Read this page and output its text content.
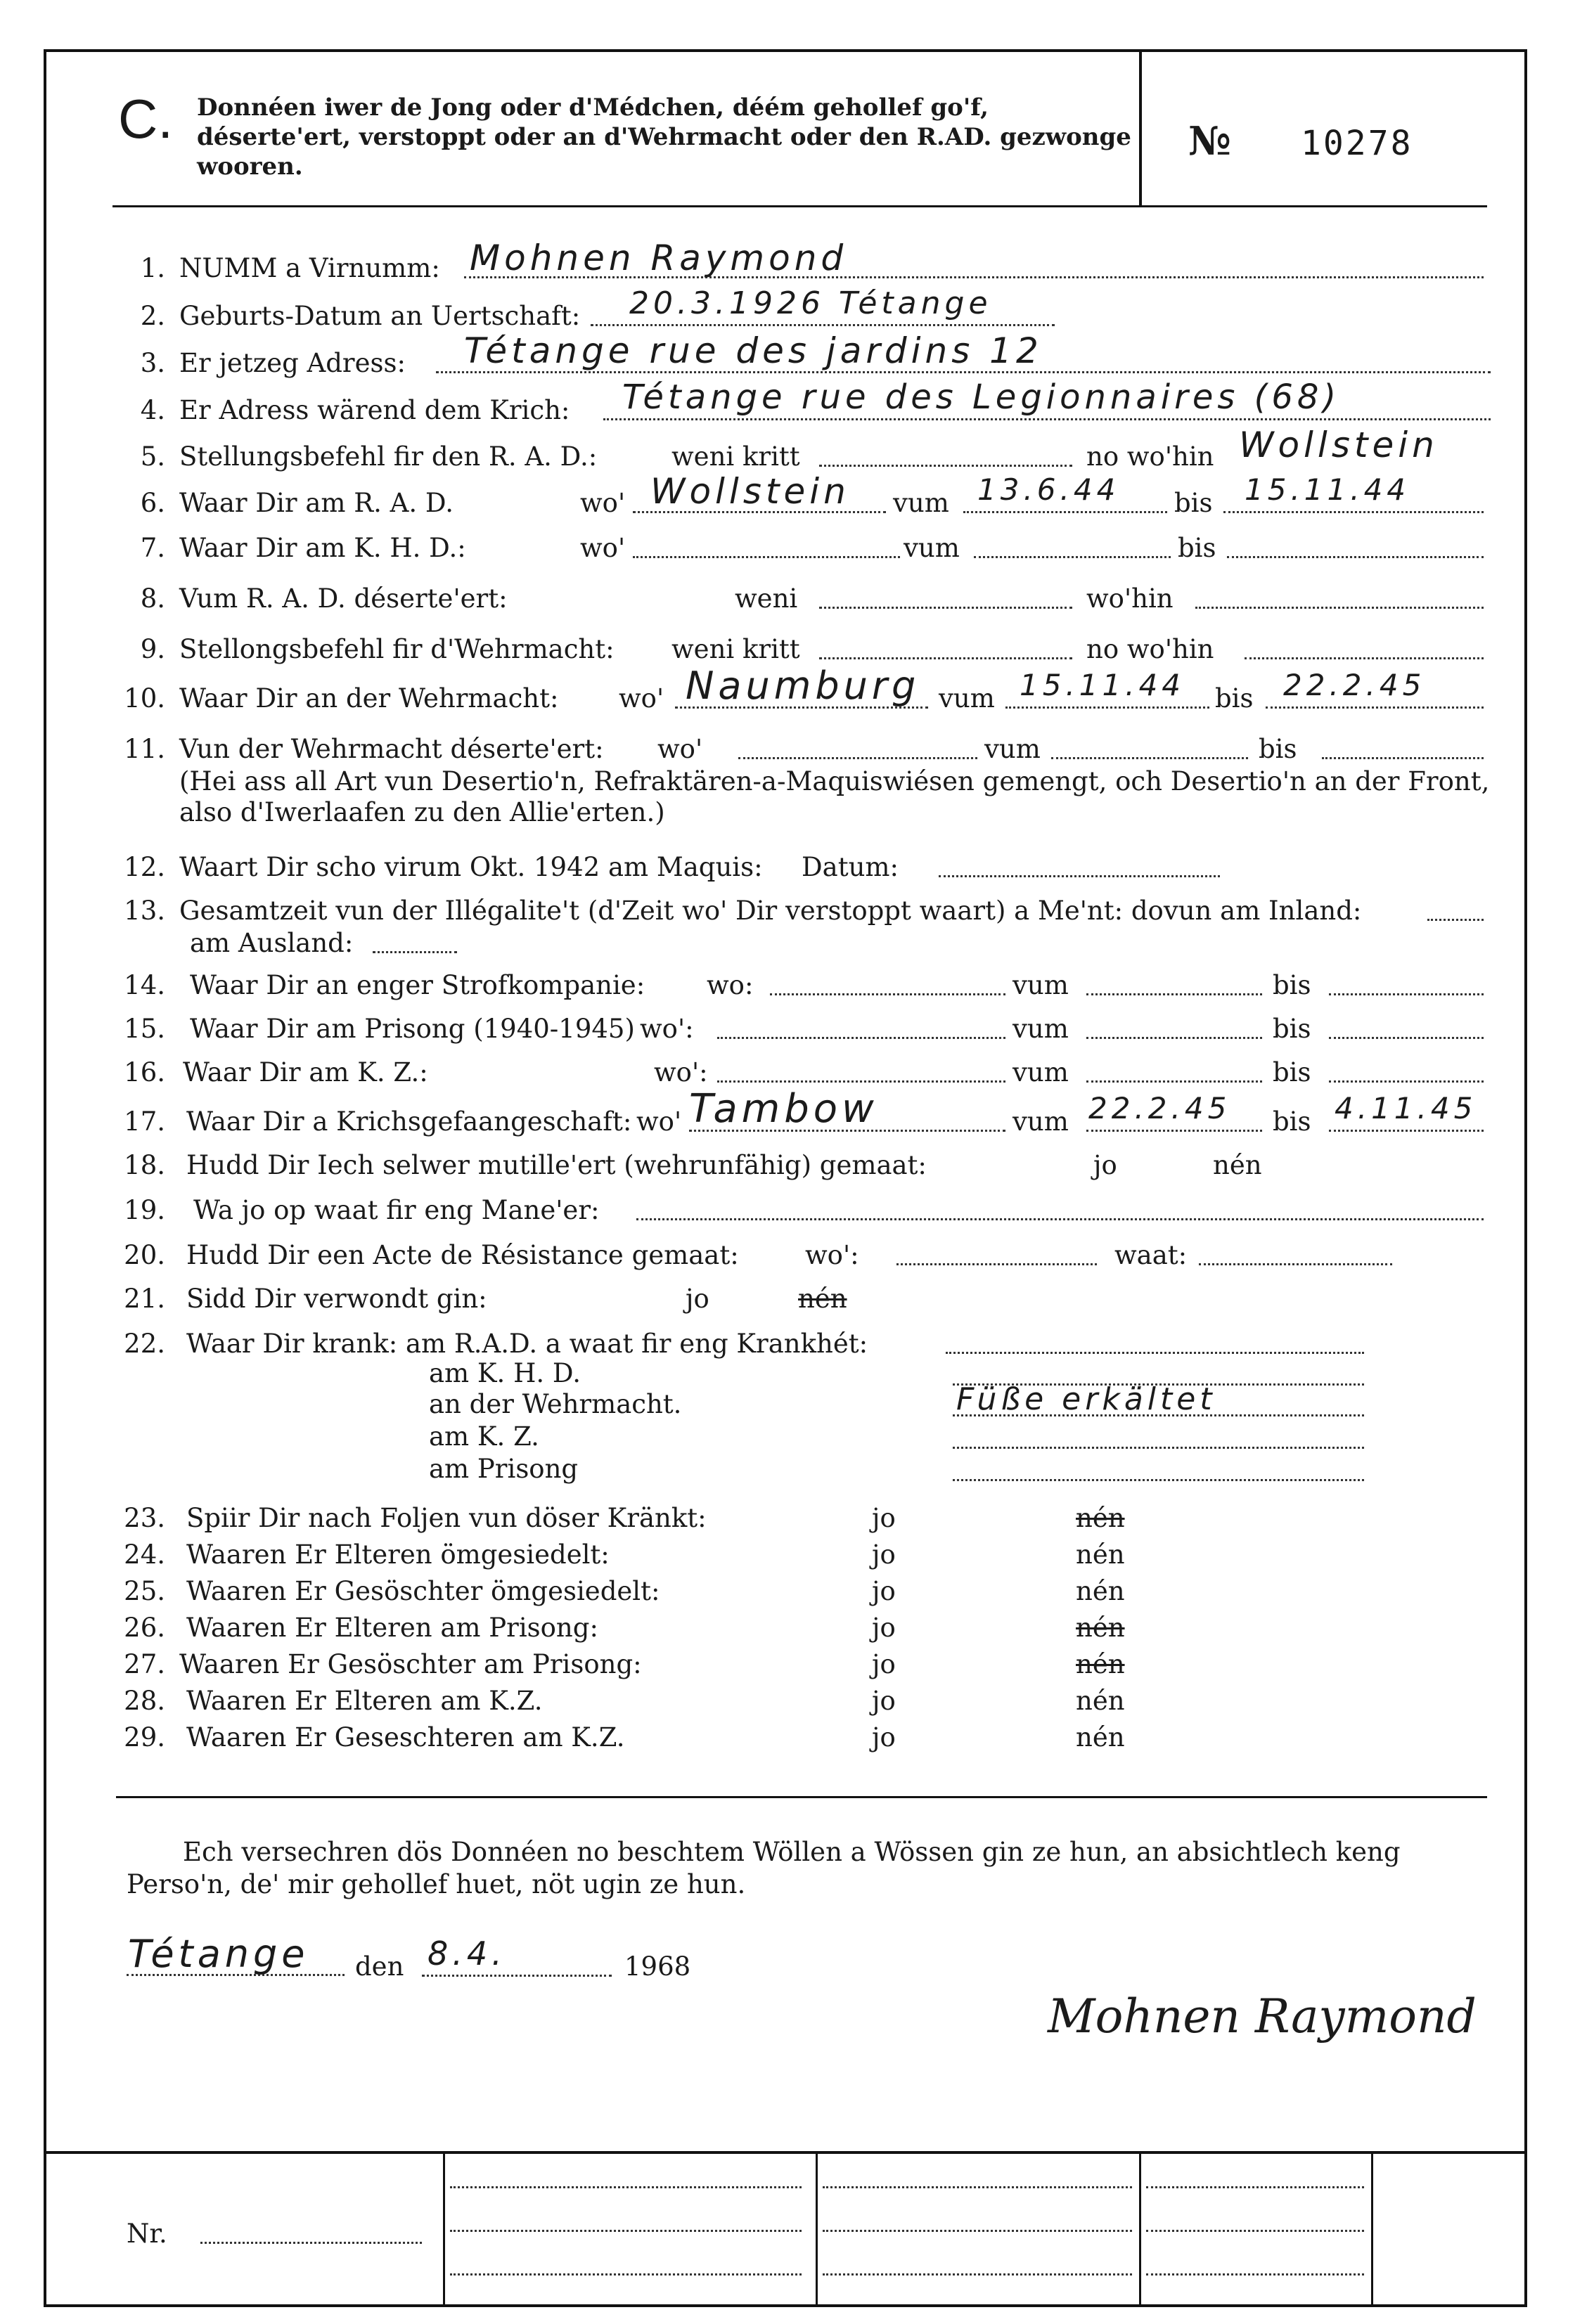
C. Donnéen iwer de Jong oder d'Médchen, déém gehollef go'f, déserte'ert, verstoppt oder an d'Wehrmacht oder den R.AD. gezwonge wooren.
№ 10278
1. NUMM a Virnumm: Mohnen Raymond
2. Geburts-Datum an Uertschaft: 20.3.1926 Tétange
3. Er jetzeg Adress: Tétange rue des jardins 12
4. Er Adress wärend dem Krich: Tétange rue des Legionnaires (68)
5. Stellungsbefehl fir den R. A. D.:	weni kritt	no wo'hin Wollstein
6. Waar Dir am R. A. D.	wo' Wollstein vum 13.6.44 bis 15.11.44
7. Waar Dir am K. H. D.:	wo'	vum	bis
8. Vum R. A. D. déserte'ert:	weni	wo'hin
9. Stellongsbefehl fir d'Wehrmacht: weni kritt	no wo'hin
10. Waar Dir an der Wehrmacht: wo' Naumburg vum 15.11.44 bis 22.2.45
11. Vun der Wehrmacht déserte'ert: wo'	vum	bis
(Hei ass all Art vun Desertio'n, Refraktären-a-Maquiswiésen gemengt, och Desertio'n an der Front, also d'Iwerlaafen zu den Allie'erten.)
12. Waart Dir scho virum Okt. 1942 am Maquis: Datum:
13. Gesamtzeit vun der Illégalite't (d'Zeit wo' Dir verstoppt waart) a Me'nt: dovun am Inland:
am Ausland:
14. Waar Dir an enger Strofkompanie: wo:	vum	bis
15. Waar Dir am Prisong (1940-1945) wo':	vum	bis
16. Waar Dir am K. Z.:	wo':	vum	bis
17. Waar Dir a Krichsgefaangeschaft: wo' Tambow	vum 22.2.45 bis 4.11.45
18. Hudd Dir Iech selwer mutille'ert (wehrunfähig) gemaat:	jo	nén
19. Wa jo op waat fir eng Mane'er:
20. Hudd Dir een Acte de Résistance gemaat:	wo':	waat:
21. Sidd Dir verwondt gin:	jo	nén
22. Waar Dir krank: am R.A.D. a waat fir eng Krankhét:
am K. H. D.
an der Wehrmacht.	Füße erkältet
am K. Z.
am Prisong
23. Spiir Dir nach Foljen vun döser Kränkt:	jo	nén
24. Waaren Er Elteren ömgesiedelt:	jo	nén
25. Waaren Er Gesöschter ömgesiedelt:	jo	nén
26. Waaren Er Elteren am Prisong:	jo	nén
27. Waaren Er Gesöschter am Prisong:	jo	nén
28. Waaren Er Elteren am K.Z.	jo	nén
29. Waaren Er Geseschteren am K.Z.	jo	nén
Ech versechren dös Donnéen no beschtem Wöllen a Wössen gin ze hun, an absichtlech keng Perso'n, de' mir gehollef huet, nöt ugin ze hun.
Tétange
Nr.
den 8.4.	1968
Mohnen Raymond
